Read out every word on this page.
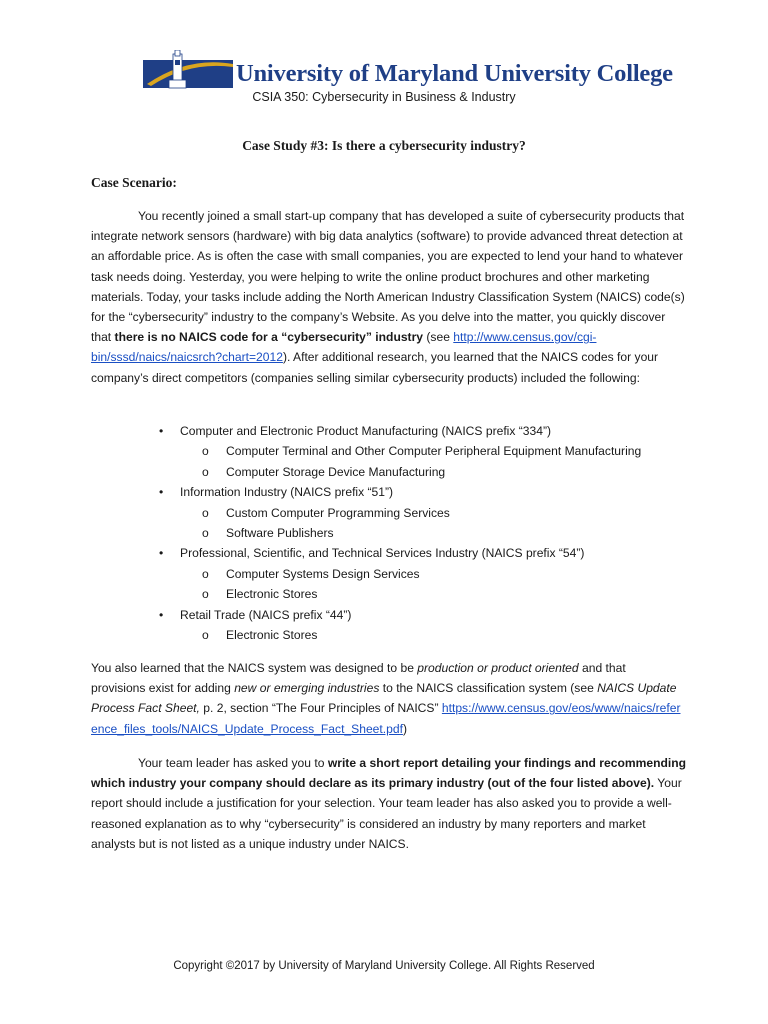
University of Maryland University College
CSIA 350: Cybersecurity in Business & Industry
Case Study #3: Is there a cybersecurity industry?
Case Scenario:
You recently joined a small start-up company that has developed a suite of cybersecurity products that integrate network sensors (hardware) with big data analytics (software) to provide advanced threat detection at an affordable price. As is often the case with small companies, you are expected to lend your hand to whatever task needs doing. Yesterday, you were helping to write the online product brochures and other marketing materials. Today, your tasks include adding the North American Industry Classification System (NAICS) code(s) for the “cybersecurity” industry to the company’s Website. As you delve into the matter, you quickly discover that there is no NAICS code for a “cybersecurity” industry (see http://www.census.gov/cgi-bin/sssd/naics/naicsrch?chart=2012). After additional research, you learned that the NAICS codes for your company’s direct competitors (companies selling similar cybersecurity products) included the following:
• Computer and Electronic Product Manufacturing (NAICS prefix “334”)
o Computer Terminal and Other Computer Peripheral Equipment Manufacturing
o Computer Storage Device Manufacturing
• Information Industry (NAICS prefix “51”)
o Custom Computer Programming Services
o Software Publishers
• Professional, Scientific, and Technical Services Industry (NAICS prefix “54”)
o Computer Systems Design Services
o Electronic Stores
• Retail Trade (NAICS prefix “44”)
o Electronic Stores
You also learned that the NAICS system was designed to be production or product oriented and that provisions exist for adding new or emerging industries to the NAICS classification system (see NAICS Update Process Fact Sheet, p. 2, section “The Four Principles of NAICS” https://www.census.gov/eos/www/naics/reference_files_tools/NAICS_Update_Process_Fact_Sheet.pdf)
Your team leader has asked you to write a short report detailing your findings and recommending which industry your company should declare as its primary industry (out of the four listed above). Your report should include a justification for your selection. Your team leader has also asked you to provide a well-reasoned explanation as to why “cybersecurity” is considered an industry by many reporters and market analysts but is not listed as a unique industry under NAICS.
Copyright ©2017 by University of Maryland University College. All Rights Reserved
